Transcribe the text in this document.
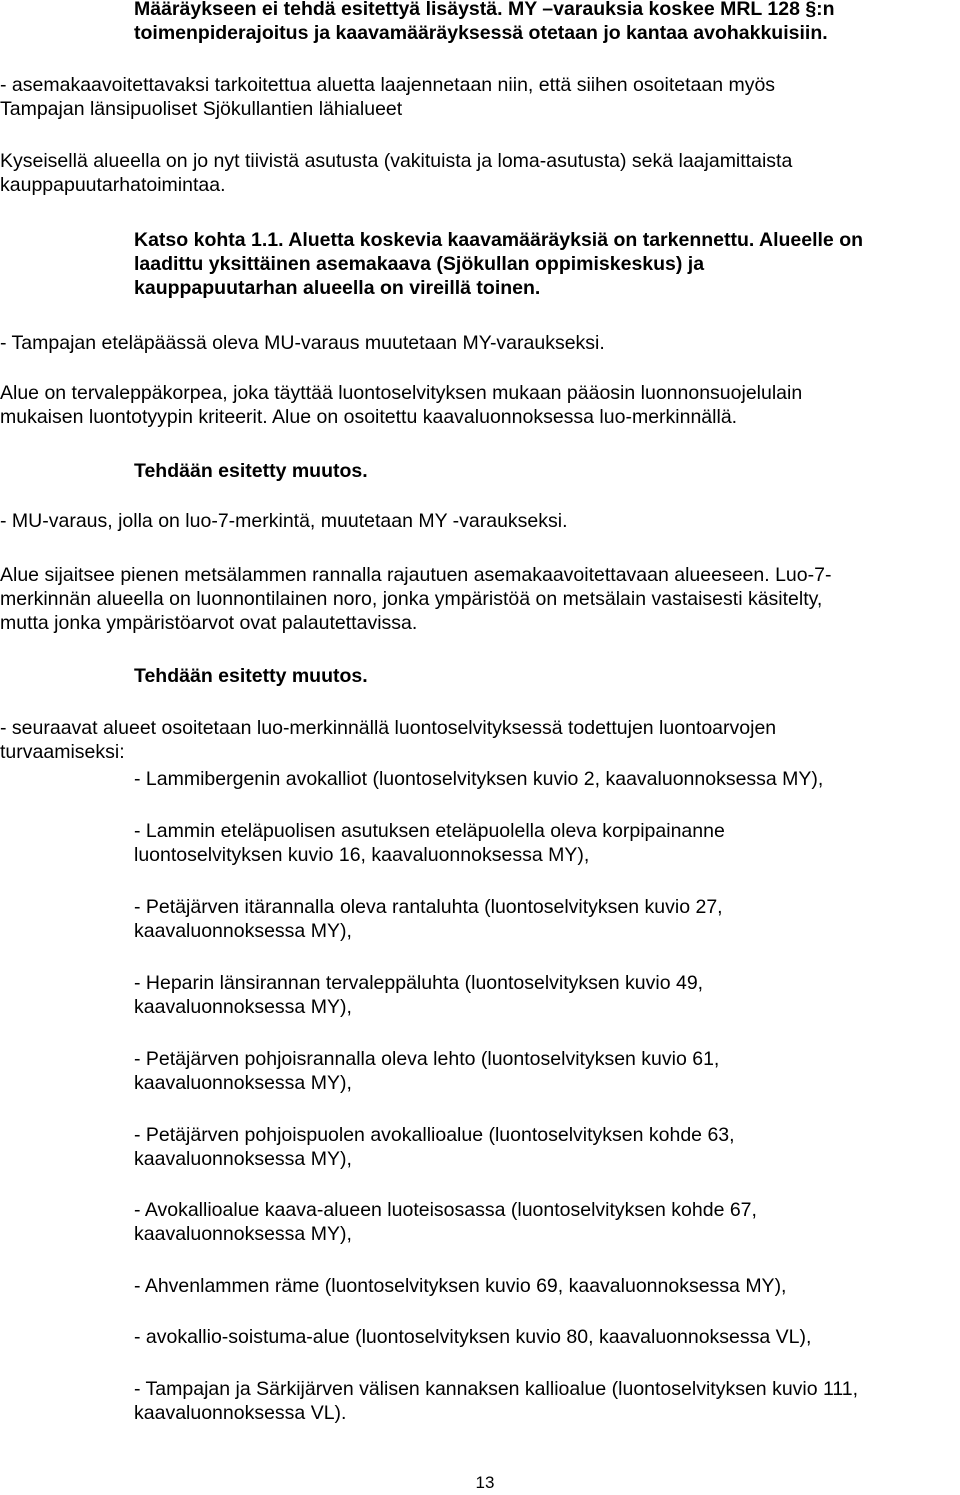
Määräykseen ei tehdä esitettyä lisäystä. MY –varauksia koskee MRL 128 §:n
toimenpiderajoitus ja kaavamääräyksessä otetaan jo kantaa avohakkuisiin.
- asemakaavoitettavaksi tarkoitettua aluetta laajennetaan niin, että siihen osoitetaan myös
Tampajan länsipuoliset Sjökullantien lähialueet
Kyseisellä alueella on jo nyt tiivistä asutusta (vakituista ja loma-asutusta) sekä laajamittaista
kauppapuutarhatoimintaa.
Katso kohta 1.1. Aluetta koskevia kaavamääräyksiä on tarkennettu. Alueelle on
laadittu yksittäinen asemakaava (Sjökullan oppimiskeskus) ja
kauppapuutarhan alueella on vireillä toinen.
- Tampajan eteläpäässä oleva MU-varaus muutetaan MY-varaukseksi.
Alue on tervaleppäkorpea, joka täyttää luontoselvityksen mukaan pääosin luonnonsuojelulain
mukaisen luontotyypin kriteerit. Alue on osoitettu kaavaluonnoksessa luo-merkinnällä.
Tehdään esitetty muutos.
- MU-varaus, jolla on luo-7-merkintä, muutetaan MY -varaukseksi.
Alue sijaitsee pienen metsälammen rannalla rajautuen asemakaavoitettavaan alueeseen. Luo-7-
merkinnän alueella on luonnontilainen noro, jonka ympäristöä on metsälain vastaisesti käsitelty,
mutta jonka ympäristöarvot ovat palautettavissa.
Tehdään esitetty muutos.
- seuraavat alueet osoitetaan luo-merkinnällä luontoselvityksessä todettujen luontoarvojen
turvaamiseksi:
- Lammibergenin avokalliot (luontoselvityksen kuvio 2, kaavaluonnoksessa MY),
- Lammin eteläpuolisen asutuksen eteläpuolella oleva korpipainanne
luontoselvityksen kuvio 16, kaavaluonnoksessa MY),
- Petäjärven itärannalla oleva rantaluhta (luontoselvityksen kuvio 27,
kaavaluonnoksessa MY),
- Heparin länsirannan tervaleppäluhta (luontoselvityksen kuvio 49,
kaavaluonnoksessa MY),
- Petäjärven pohjoisrannalla oleva lehto (luontoselvityksen kuvio 61,
kaavaluonnoksessa MY),
- Petäjärven pohjoispuolen avokallioalue (luontoselvityksen kohde 63,
kaavaluonnoksessa MY),
- Avokallioalue kaava-alueen luoteisosassa (luontoselvityksen kohde 67,
kaavaluonnoksessa MY),
- Ahvenlammen räme (luontoselvityksen kuvio 69, kaavaluonnoksessa MY),
- avokallio-soistuma-alue (luontoselvityksen kuvio 80, kaavaluonnoksessa VL),
- Tampajan ja Särkijärven välisen kannaksen kallioalue (luontoselvityksen kuvio 111,
kaavaluonnoksessa VL).
13
